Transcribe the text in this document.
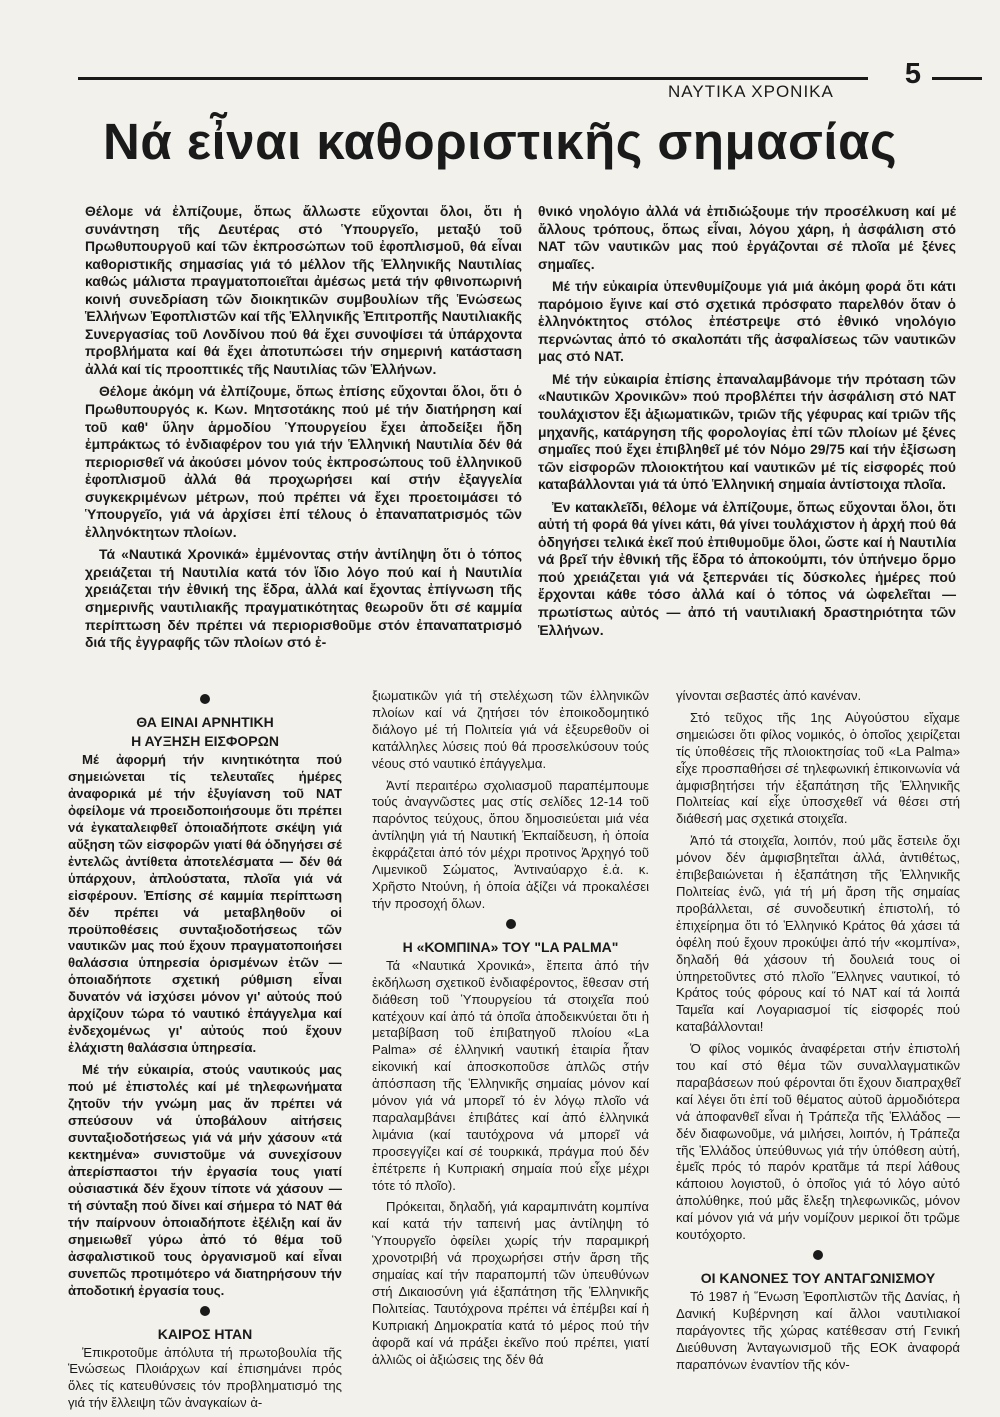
ΝΑΥΤΙΚΑ ΧΡΟΝΙΚΑ
5
Νά εἶναι καθοριστικῆς σημασίας

Θέλομε νά ἐλπίζουμε, ὅπως ἄλλωστε εὔχονται ὅλοι, ὅτι ἡ συνάντηση τῆς Δευτέρας στό Ὑπουργεῖο, μεταξύ τοῦ Πρωθυπουργοῦ καί τῶν ἐκπροσώπων τοῦ ἐφοπλισμοῦ, θά εἶναι καθοριστικῆς σημασίας γιά τό μέλλον τῆς Ἑλληνικῆς Ναυτιλίας καθώς μάλιστα πραγματοποιεῖται ἀμέσως μετά τήν φθινοπωρινή κοινή συνεδρίαση τῶν διοικητικῶν συμβουλίων τῆς Ἑνώσεως Ἑλλήνων Ἐφοπλιστῶν καί τῆς Ἑλληνικῆς Ἐπιτροπῆς Ναυτιλιακῆς Συνεργασίας τοῦ Λονδίνου πού θά ἔχει συνοψίσει τά ὑπάρχοντα προβλήματα καί θά ἔχει ἀποτυπώσει τήν σημερινή κατάσταση ἀλλά καί τίς προοπτικές τῆς Ναυτιλίας τῶν Ἑλλήνων.

Θέλομε ἀκόμη νά ἐλπίζουμε, ὅπως ἐπίσης εὔχονται ὅλοι, ὅτι ὁ Πρωθυπουργός κ. Κων. Μητσοτάκης πού μέ τήν διατήρηση καί τοῦ καθ' ὕλην ἁρμοδίου Ὑπουργείου ἔχει ἀποδείξει ἤδη ἐμπράκτως τό ἐνδιαφέρον του γιά τήν Ἑλληνική Ναυτιλία δέν θά περιορισθεῖ νά ἀκούσει μόνον τούς ἐκπροσώπους τοῦ ἑλληνικοῦ ἐφοπλισμοῦ ἀλλά θά προχωρήσει καί στήν ἐξαγγελία συγκεκριμένων μέτρων, πού πρέπει νά ἔχει προετοιμάσει τό Ὑπουργεῖο, γιά νά ἀρχίσει ἐπί τέλους ὁ ἐπαναπατρισμός τῶν ἑλληνόκτητων πλοίων.

Τά «Ναυτικά Χρονικά» ἐμμένοντας στήν ἀντίληψη ὅτι ὁ τόπος χρειάζεται τή Ναυτιλία κατά τόν ἴδιο λόγο πού καί ἡ Ναυτιλία χρειάζεται τήν ἐθνική της ἕδρα, ἀλλά καί ἔχοντας ἐπίγνωση τῆς σημερινῆς ναυτιλιακῆς πραγματικότητας θεωροῦν ὅτι σέ καμμία περίπτωση δέν πρέπει νά περιορισθοῦμε στόν ἐπαναπατρισμό διά τῆς ἐγγραφῆς τῶν πλοίων στό ἐ-

θνικό νηολόγιο ἀλλά νά ἐπιδιώξουμε τήν προσέλκυση καί μέ ἄλλους τρόπους, ὅπως εἶναι, λόγου χάρη, ἡ ἀσφάλιση στό ΝΑΤ τῶν ναυτικῶν μας πού ἐργάζονται σέ πλοῖα μέ ξένες σημαῖες.

Μέ τήν εὐκαιρία ὑπενθυμίζουμε γιά μιά ἀκόμη φορά ὅτι κάτι παρόμοιο ἔγινε καί στό σχετικά πρόσφατο παρελθόν ὅταν ὁ ἑλληνόκτητος στόλος ἐπέστρεψε στό ἐθνικό νηολόγιο περνώντας ἀπό τό σκαλοπάτι τῆς ἀσφαλίσεως τῶν ναυτικῶν μας στό ΝΑΤ.

Μέ τήν εὐκαιρία ἐπίσης ἐπαναλαμβάνομε τήν πρόταση τῶν «Ναυτικῶν Χρονικῶν» πού προβλέπει τήν ἀσφάλιση στό ΝΑΤ τουλάχιστον ἕξι ἀξιωματικῶν, τριῶν τῆς γέφυρας καί τριῶν τῆς μηχανῆς, κατάργηση τῆς φορολογίας ἐπί τῶν πλοίων μέ ξένες σημαῖες πού ἔχει ἐπιβληθεῖ μέ τόν Νόμο 29/75 καί τήν ἐξίσωση τῶν εἰσφορῶν πλοιοκτήτου καί ναυτικῶν μέ τίς εἰσφορές πού καταβάλλονται γιά τά ὑπό Ἑλληνική σημαία ἀντίστοιχα πλοῖα.

Ἐν κατακλεῖδι, θέλομε νά ἐλπίζουμε, ὅπως εὔχονται ὅλοι, ὅτι αὐτή τή φορά θά γίνει κάτι, θά γίνει τουλάχιστον ἡ ἀρχή πού θά ὁδηγήσει τελικά ἐκεῖ πού ἐπιθυμοῦμε ὅλοι, ὥστε καί ἡ Ναυτιλία νά βρεῖ τήν ἐθνική τῆς ἕδρα τό ἀποκούμπι, τόν ὑπήνεμο ὅρμο πού χρειάζεται γιά νά ξεπερνάει τίς δύσκολες ἡμέρες πού ἔρχονται κάθε τόσο ἀλλά καί ὁ τόπος νά ὠφελεῖται — πρωτίστως αὐτός — ἀπό τή ναυτιλιακή δραστηριότητα τῶν Ἑλλήνων.

ΘΑ ΕΙΝΑΙ ΑΡΝΗΤΙΚΗ
Η ΑΥΞΗΣΗ ΕΙΣΦΟΡΩΝ

Μέ ἀφορμή τήν κινητικότητα πού σημειώνεται τίς τελευταῖες ἡμέρες ἀναφορικά μέ τήν ἐξυγίανση τοῦ ΝΑΤ ὀφείλομε νά προειδοποιήσουμε ὅτι πρέπει νά ἐγκαταλειφθεῖ ὁποιαδήποτε σκέψη γιά αὔξηση τῶν εἰσφορῶν γιατί θά ὁδηγήσει σέ ἐντελῶς ἀντίθετα ἀποτελέσματα — δέν θά ὑπάρχουν, ἀπλούστατα, πλοῖα γιά νά εἰσφέρουν. Ἐπίσης σέ καμμία περίπτωση δέν πρέπει νά μεταβληθοῦν οἱ προϋποθέσεις συνταξιοδοτήσεως τῶν ναυτικῶν μας πού ἔχουν πραγματοποιήσει θαλάσσια ὑπηρεσία ὁρισμένων ἐτῶν — ὁποιαδήποτε σχετική ρύθμιση εἶναι δυνατόν νά ἰσχύσει μόνον γι' αὐτούς πού ἀρχίζουν τώρα τό ναυτικό ἐπάγγελμα καί ἐνδεχομένως γι' αὐτούς πού ἔχουν ἐλάχιστη θαλάσσια ὑπηρεσία.

Μέ τήν εὐκαιρία, στούς ναυτικούς μας πού μέ ἐπιστολές καί μέ τηλεφωνήματα ζητοῦν τήν γνώμη μας ἄν πρέπει νά σπεύσουν νά ὑποβάλουν αἰτήσεις συνταξιοδοτήσεως γιά νά μήν χάσουν «τά κεκτημένα» συνιστοῦμε νά συνεχίσουν ἀπερίσπαστοι τήν ἐργασία τους γιατί οὐσιαστικά δέν ἔχουν τίποτε νά χάσουν — τή σύνταξη πού δίνει καί σήμερα τό ΝΑΤ θά τήν παίρνουν ὁποιαδήποτε ἐξέλιξη καί ἄν σημειωθεῖ γύρω ἀπό τό θέμα τοῦ ἀσφαλιστικοῦ τους ὀργανισμοῦ καί εἶναι συνεπῶς προτιμότερο νά διατηρήσουν τήν ἀποδοτική ἐργασία τους.

ΚΑΙΡΟΣ ΗΤΑΝ

Ἐπικροτοῦμε ἀπόλυτα τή πρωτοβουλία τῆς Ἑνώσεως Πλοιάρχων καί ἐπισημάνει πρός ὅλες τίς κατευθύνσεις τόν προβληματισμό της γιά τήν ἔλλειψη τῶν ἀναγκαίων ἀ-

ξιωματικῶν γιά τή στελέχωση τῶν ἑλληνικῶν πλοίων καί νά ζητήσει τόν ἐποικοδομητικό διάλογο μέ τή Πολιτεία γιά νά ἐξευρεθοῦν οἱ κατάλληλες λύσεις πού θά προσελκύσουν τούς νέους στό ναυτικό ἐπάγγελμα.

Ἀντί περαιτέρω σχολιασμοῦ παραπέμπουμε τούς ἀναγνῶστες μας στίς σελίδες 12-14 τοῦ παρόντος τεύχους, ὅπου δημοσιεύεται μιά νέα ἀντίληψη γιά τή Ναυτική Ἐκπαίδευση, ἡ ὁποία ἐκφράζεται ἀπό τόν μέχρι προτινος Ἀρχηγό τοῦ Λιμενικοῦ Σώματος, Ἀντιναύαρχο ἐ.ἀ. κ. Χρῆστο Ντούνη, ἡ ὁποία ἀξίζει νά προκαλέσει τήν προσοχή ὅλων.

Η «ΚΟΜΠΙΝΑ» ΤΟΥ "LA PALMA"

Τά «Ναυτικά Χρονικά», ἔπειτα ἀπό τήν ἐκδήλωση σχετικοῦ ἐνδιαφέροντος, ἔθεσαν στή διάθεση τοῦ Ὑπουργείου τά στοιχεῖα πού κατέχουν καί ἀπό τά ὁποῖα ἀποδεικνύεται ὅτι ἡ μεταβίβαση τοῦ ἐπιβατηγοῦ πλοίου «La Palma» σέ ἑλληνική ναυτική ἑταιρία ἦταν εἰκονική καί ἀποσκοποῦσε ἁπλῶς στήν ἀπόσπαση τῆς Ἑλληνικῆς σημαίας μόνον καί μόνον γιά νά μπορεῖ τό ἐν λόγῳ πλοῖο νά παραλαμβάνει ἐπιβάτες καί ἀπό ἑλληνικά λιμάνια (καί ταυτόχρονα νά μπορεῖ νά προσεγγίζει καί σέ τουρκικά, πράγμα πού δέν ἐπέτρεπε ἡ Κυπριακή σημαία πού εἶχε μέχρι τότε τό πλοῖο).

Πρόκειται, δηλαδή, γιά καραμπινάτη κομπίνα καί κατά τήν ταπεινή μας ἀντίληψη τό Ὑπουργεῖο ὀφείλει χωρίς τήν παραμικρή χρονοτριβή νά προχωρήσει στήν ἄρση τῆς σημαίας καί τήν παραπομπή τῶν ὑπευθύνων στή Δικαιοσύνη γιά ἐξαπάτηση τῆς Ἑλληνικῆς Πολιτείας. Ταυτόχρονα πρέπει νά ἐπέμβει καί ἡ Κυπριακή Δημοκρατία κατά τό μέρος πού τήν ἀφορᾶ καί νά πράξει ἐκεῖνο πού πρέπει, γιατί ἀλλιῶς οἱ ἀξιώσεις της δέν θά

γίνονται σεβαστές ἀπό κανέναν.

Στό τεῦχος τῆς 1ης Αὐγούστου εἴχαμε σημειώσει ὅτι φίλος νομικός, ὁ ὁποῖος χειρίζεται τίς ὑποθέσεις τῆς πλοιοκτησίας τοῦ «La Palma» εἶχε προσπαθήσει σέ τηλεφωνική ἐπικοινωνία νά ἀμφισβητήσει τήν ἐξαπάτηση τῆς Ἑλληνικῆς Πολιτείας καί εἶχε ὑποσχεθεῖ νά θέσει στή διάθεσή μας σχετικά στοιχεῖα.

Ἀπό τά στοιχεῖα, λοιπόν, πού μᾶς ἔστειλε ὄχι μόνον δέν ἀμφισβητεῖται ἀλλά, ἀντιθέτως, ἐπιβεβαιώνεται ἡ ἐξαπάτηση τῆς Ἑλληνικῆς Πολιτείας ἐνῶ, γιά τή μή ἄρση τῆς σημαίας προβάλλεται, σέ συνοδευτική ἐπιστολή, τό ἐπιχείρημα ὅτι τό Ἑλληνικό Κράτος θά χάσει τά ὀφέλη πού ἔχουν προκύψει ἀπό τήν «κομπίνα», δηλαδή θά χάσουν τή δουλειά τους οἱ ὑπηρετοῦντες στό πλοῖο Ἕλληνες ναυτικοί, τό Κράτος τούς φόρους καί τό ΝΑΤ καί τά λοιπά Ταμεῖα καί Λογαριασμοί τίς εἰσφορές πού καταβάλλονται!

Ὁ φίλος νομικός ἀναφέρεται στήν ἐπιστολή του καί στό θέμα τῶν συναλλαγματικῶν παραβάσεων πού φέρονται ὅτι ἔχουν διαπραχθεῖ καί λέγει ὅτι ἐπί τοῦ θέματος αὐτοῦ ἁρμοδιότερα νά ἀποφανθεῖ εἶναι ἡ Τράπεζα τῆς Ἑλλάδος — δέν διαφωνοῦμε, νά μιλήσει, λοιπόν, ἡ Τράπεζα τῆς Ἑλλάδος ὑπεύθυνως γιά τήν ὑπόθεση αὐτή, ἐμεῖς πρός τό παρόν κρατᾶμε τά περί λάθους κάποιου λογιστοῦ, ὁ ὁποῖος γιά τό λόγο αὐτό ἀπολύθηκε, πού μᾶς ἔλεξη τηλεφωνικῶς, μόνον καί μόνον γιά νά μήν νομίζουν μερικοί ὅτι τρῶμε κουτόχορτο.

ΟΙ ΚΑΝΟΝΕΣ ΤΟΥ ΑΝΤΑΓΩΝΙΣΜΟΥ

Τό 1987 ἡ Ἕνωση Ἐφοπλιστῶν τῆς Δανίας, ἡ Δανική Κυβέρνηση καί ἄλλοι ναυτιλιακοί παράγοντες τῆς χώρας κατέθεσαν στή Γενική Διεύθυνση Ἀνταγωνισμοῦ τῆς ΕΟΚ ἀναφορά παραπόνων ἐναντίον τῆς κόν-
